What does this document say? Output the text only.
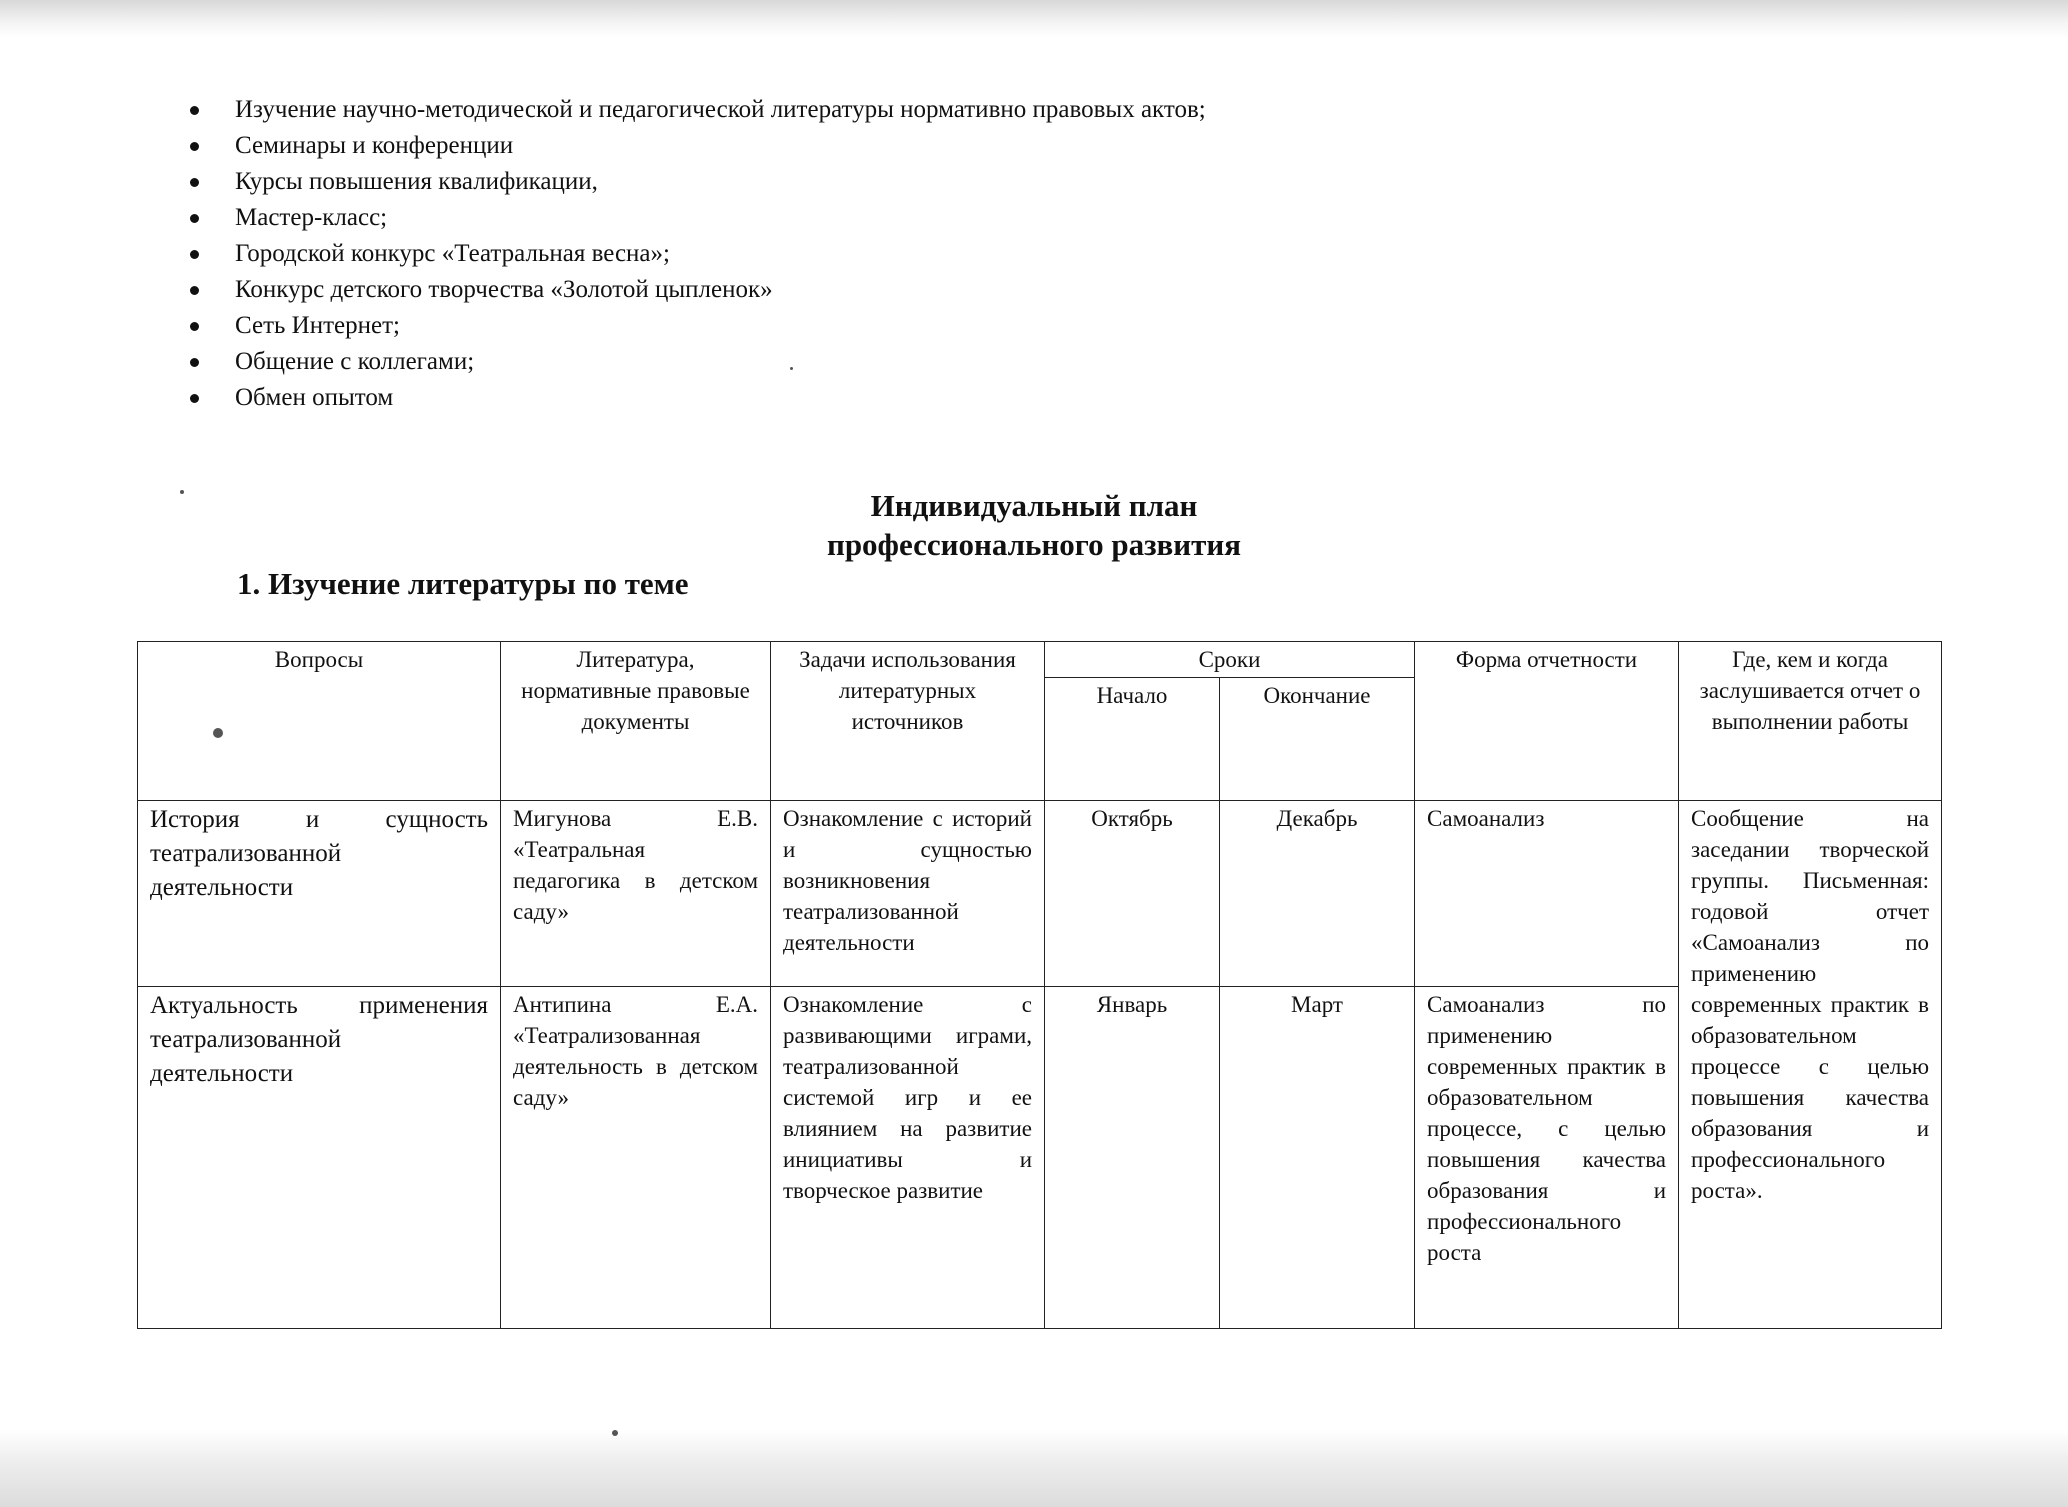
Изучение научно-методической и педагогической литературы нормативно правовых актов;
Семинары и конференции
Курсы повышения квалификации,
Мастер-класс;
Городской конкурс «Театральная весна»;
Конкурс детского творчества «Золотой цыпленок»
Сеть Интернет;
Общение с коллегами;
Обмен опытом
Индивидуальный план
профессионального развития
1. Изучение литературы по теме
Вопросы	Литература, нормативные правовые документы	Задачи использования литературных источников	Сроки		Форма отчетности	Где, кем и когда заслушивается отчет о выполнении работы
			Начало	Окончание		
История и сущность театрализованной деятельности	Мигунова Е.В. «Театральная педагогика в детском саду»	Ознакомление с историй и сущностью возникновения театрализованной деятельности	Октябрь	Декабрь	Самоанализ	Сообщение на заседании творческой группы. Письменная: годовой отчет «Самоанализ по применению современных практик в образовательном процессе с целью повышения качества образования и профессионального роста».
Актуальность применения театрализованной деятельности	Антипина Е.А. «Театрализованная деятельность в детском саду»	Ознакомление с развивающими играми, театрализованной системой игр и ее влиянием на развитие инициативы и творческое развитие	Январь	Март	Самоанализ по применению современных практик в образовательном процессе, с целью повышения качества образования и профессионального роста	
